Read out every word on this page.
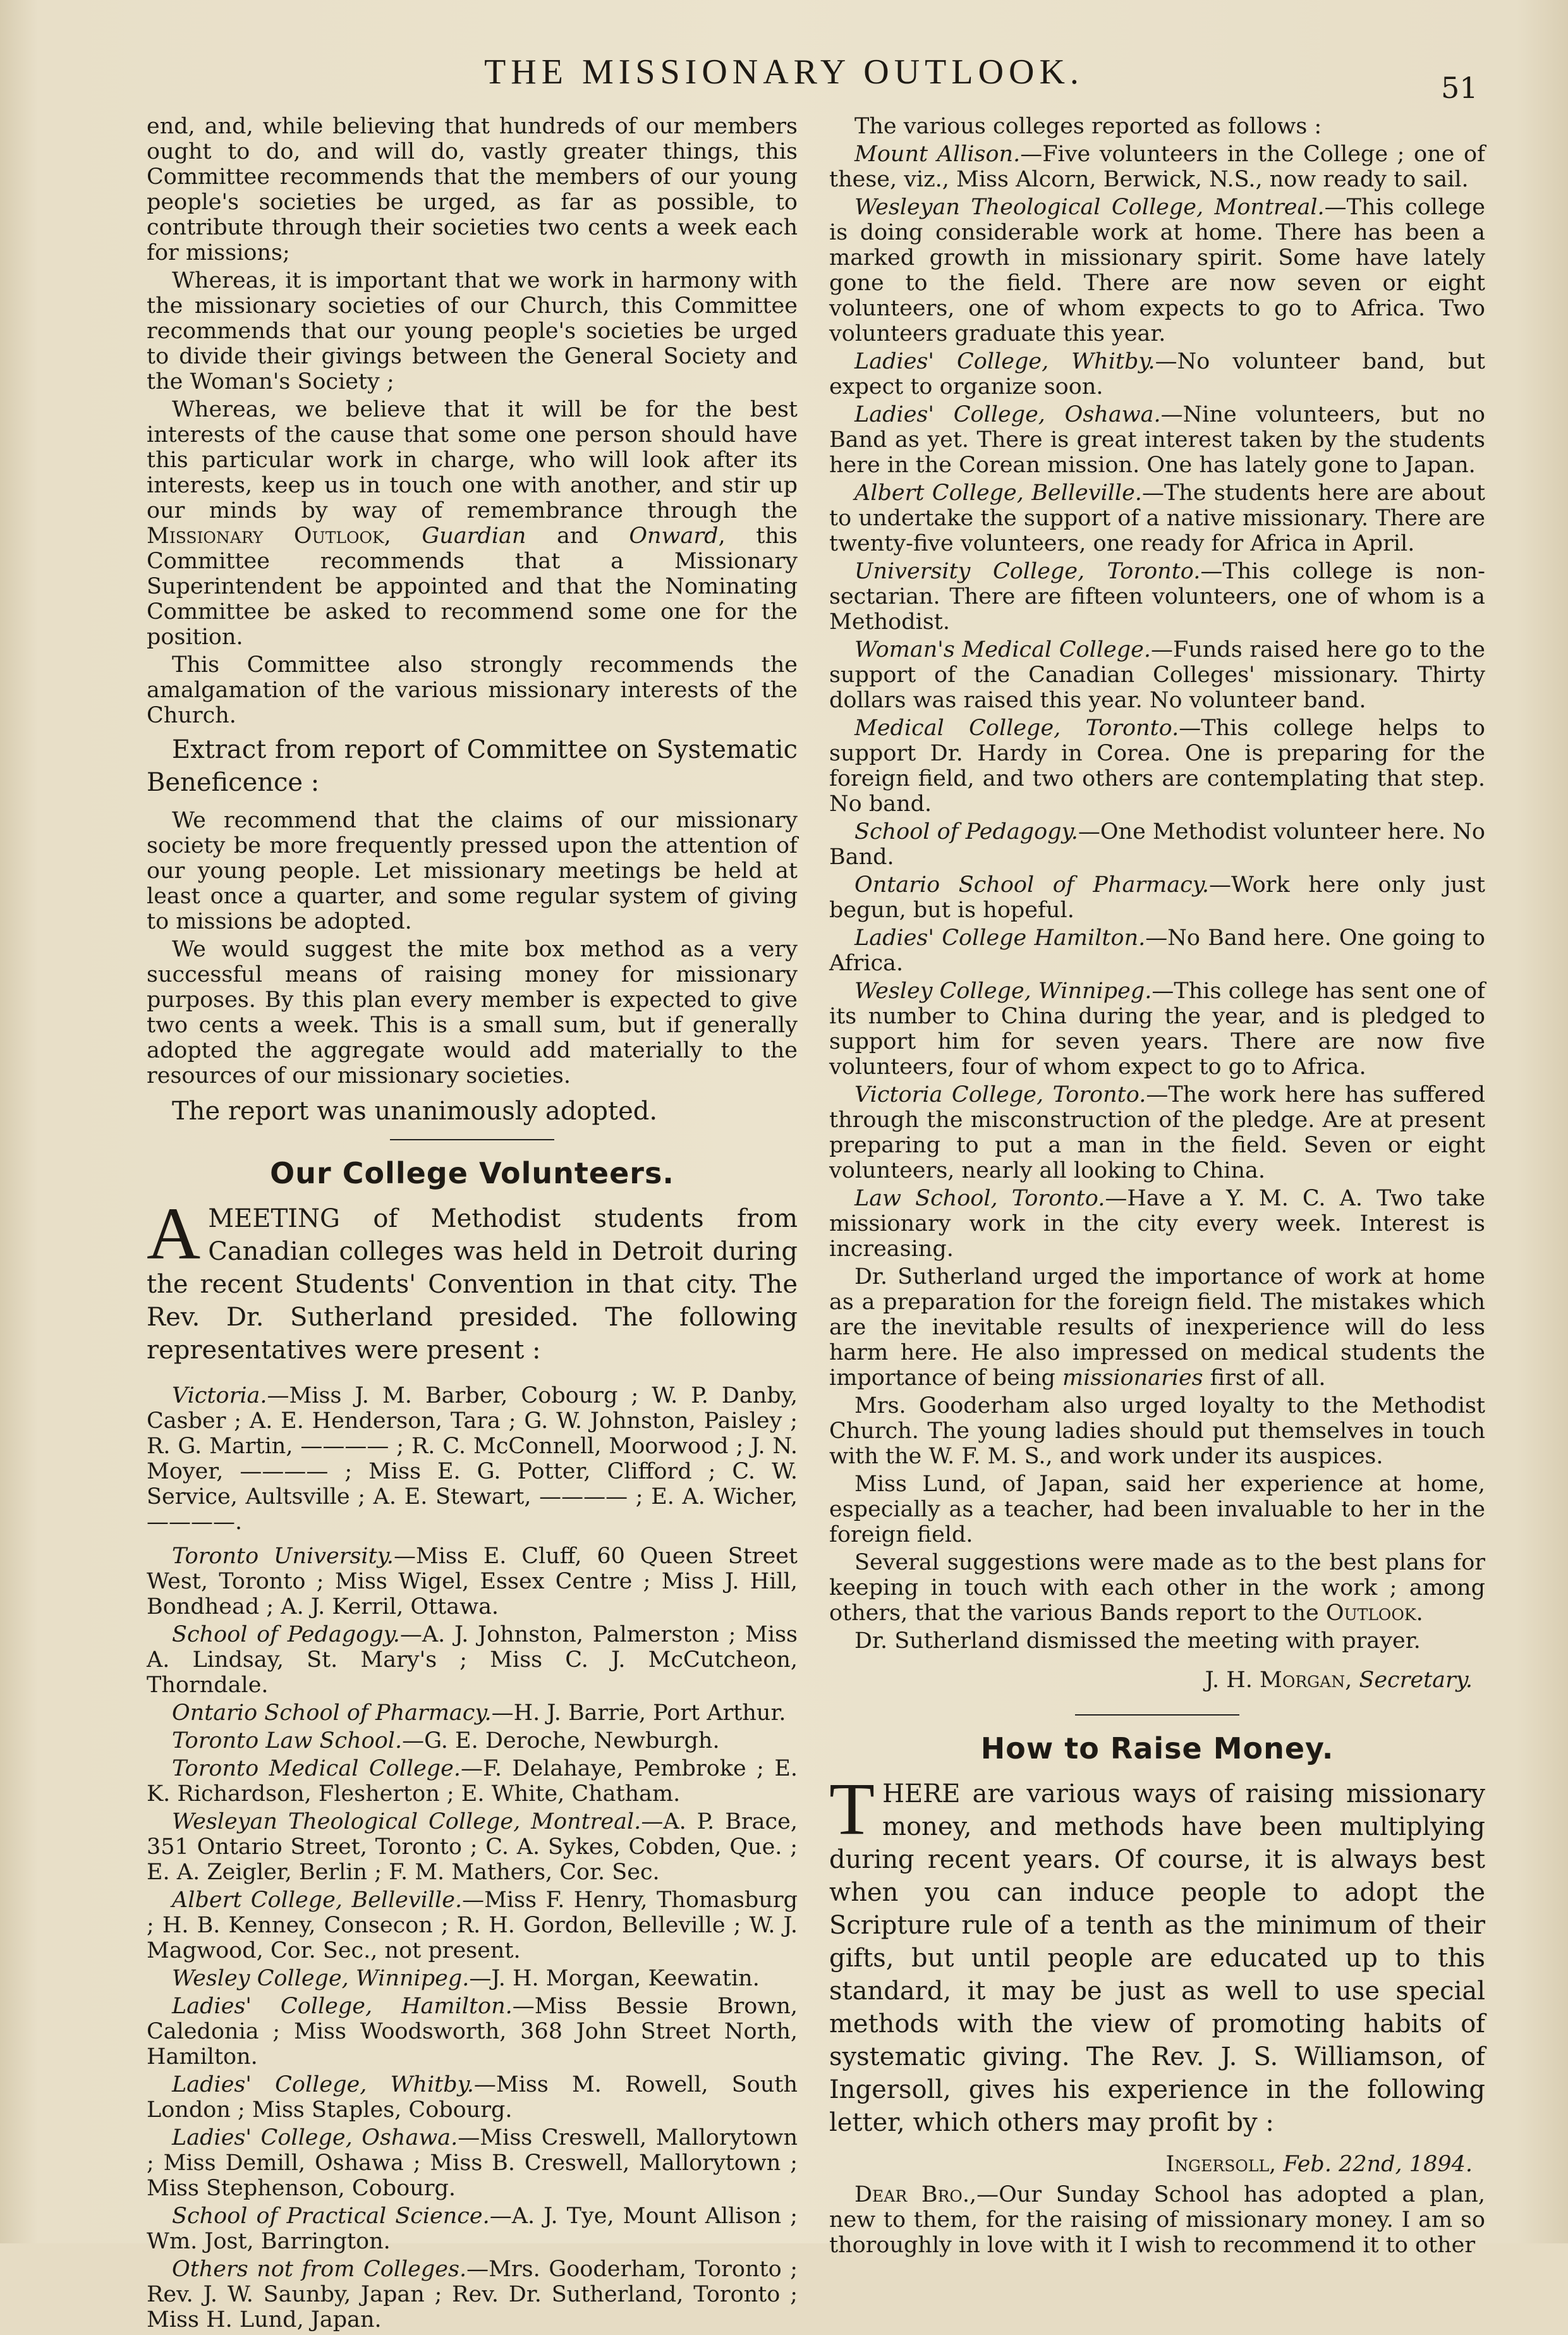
THE MISSIONARY OUTLOOK.	51

end, and, while believing that hundreds of our members ought to do, and will do, vastly greater things, this Committee recommends that the members of our young people's societies be urged, as far as possible, to contribute through their societies two cents a week each for missions;

Whereas, it is important that we work in harmony with the missionary societies of our Church, this Committee recommends that our young people's societies be urged to divide their givings between the General Society and the Woman's Society ;

Whereas, we believe that it will be for the best interests of the cause that some one person should have this particular work in charge, who will look after its interests, keep us in touch one with another, and stir up our minds by way of remembrance through the Missionary Outlook, Guardian and Onward, this Committee recommends that a Missionary Superintendent be appointed and that the Nominating Committee be asked to recommend some one for the position.

This Committee also strongly recommends the amalgamation of the various missionary interests of the Church.

Extract from report of Committee on Systematic Beneficence :

We recommend that the claims of our missionary society be more frequently pressed upon the attention of our young people. Let missionary meetings be held at least once a quarter, and some regular system of giving to missions be adopted.

We would suggest the mite box method as a very successful means of raising money for missionary purposes. By this plan every member is expected to give two cents a week. This is a small sum, but if generally adopted the aggregate would add materially to the resources of our missionary societies.

The report was unanimously adopted.

Our College Volunteers.

AMEETING of Methodist students from Canadian colleges was held in Detroit during the recent Students' Convention in that city. The Rev. Dr. Sutherland presided. The following representatives were present :

Victoria.—Miss J. M. Barber, Cobourg ; W. P. Danby, Casber ; A. E. Henderson, Tara ; G. W. Johnston, Paisley ; R. G. Martin, ———— ; R. C. McConnell, Moorwood ; J. N. Moyer, ———— ; Miss E. G. Potter, Clifford ; C. W. Service, Aultsville ; A. E. Stewart, ———— ; E. A. Wicher, ————.

Toronto University.—Miss E. Cluff, 60 Queen Street West, Toronto ; Miss Wigel, Essex Centre ; Miss J. Hill, Bondhead ; A. J. Kerril, Ottawa.

School of Pedagogy.—A. J. Johnston, Palmerston ; Miss A. Lindsay, St. Mary's ; Miss C. J. McCutcheon, Thorndale.

Ontario School of Pharmacy.—H. J. Barrie, Port Arthur.

Toronto Law School.—G. E. Deroche, Newburgh.

Toronto Medical College.—F. Delahaye, Pembroke ; E. K. Richardson, Flesherton ; E. White, Chatham.

Wesleyan Theological College, Montreal.—A. P. Brace, 351 Ontario Street, Toronto ; C. A. Sykes, Cobden, Que. ; E. A. Zeigler, Berlin ; F. M. Mathers, Cor. Sec.

Albert College, Belleville.—Miss F. Henry, Thomasburg ; H. B. Kenney, Consecon ; R. H. Gordon, Belleville ; W. J. Magwood, Cor. Sec., not present.

Wesley College, Winnipeg.—J. H. Morgan, Keewatin.

Ladies' College, Hamilton.—Miss Bessie Brown, Caledonia ; Miss Woodsworth, 368 John Street North, Hamilton.

Ladies' College, Whitby.—Miss M. Rowell, South London ; Miss Staples, Cobourg.

Ladies' College, Oshawa.—Miss Creswell, Mallorytown ; Miss Demill, Oshawa ; Miss B. Creswell, Mallorytown ; Miss Stephenson, Cobourg.

School of Practical Science.—A. J. Tye, Mount Allison ; Wm. Jost, Barrington.

Others not from Colleges.—Mrs. Gooderham, Toronto ; Rev. J. W. Saunby, Japan ; Rev. Dr. Sutherland, Toronto ; Miss H. Lund, Japan.

The various colleges reported as follows :

Mount Allison.—Five volunteers in the College ; one of these, viz., Miss Alcorn, Berwick, N.S., now ready to sail.

Wesleyan Theological College, Montreal.—This college is doing considerable work at home. There has been a marked growth in missionary spirit. Some have lately gone to the field. There are now seven or eight volunteers, one of whom expects to go to Africa. Two volunteers graduate this year.

Ladies' College, Whitby.—No volunteer band, but expect to organize soon.

Ladies' College, Oshawa.—Nine volunteers, but no Band as yet. There is great interest taken by the students here in the Corean mission. One has lately gone to Japan.

Albert College, Belleville.—The students here are about to undertake the support of a native missionary. There are twenty-five volunteers, one ready for Africa in April.

University College, Toronto.—This college is non-sectarian. There are fifteen volunteers, one of whom is a Methodist.

Woman's Medical College.—Funds raised here go to the support of the Canadian Colleges' missionary. Thirty dollars was raised this year. No volunteer band.

Medical College, Toronto.—This college helps to support Dr. Hardy in Corea. One is preparing for the foreign field, and two others are contemplating that step. No band.

School of Pedagogy.—One Methodist volunteer here. No Band.

Ontario School of Pharmacy.—Work here only just begun, but is hopeful.

Ladies' College Hamilton.—No Band here. One going to Africa.

Wesley College, Winnipeg.—This college has sent one of its number to China during the year, and is pledged to support him for seven years. There are now five volunteers, four of whom expect to go to Africa.

Victoria College, Toronto.—The work here has suffered through the misconstruction of the pledge. Are at present preparing to put a man in the field. Seven or eight volunteers, nearly all looking to China.

Law School, Toronto.—Have a Y. M. C. A. Two take missionary work in the city every week. Interest is increasing.

Dr. Sutherland urged the importance of work at home as a preparation for the foreign field. The mistakes which are the inevitable results of inexperience will do less harm here. He also impressed on medical students the importance of being missionaries first of all.

Mrs. Gooderham also urged loyalty to the Methodist Church. The young ladies should put themselves in touch with the W. F. M. S., and work under its auspices.

Miss Lund, of Japan, said her experience at home, especially as a teacher, had been invaluable to her in the foreign field.

Several suggestions were made as to the best plans for keeping in touch with each other in the work ; among others, that the various Bands report to the Outlook.

Dr. Sutherland dismissed the meeting with prayer.

J. H. Morgan, Secretary.

How to Raise Money.

THERE are various ways of raising missionary money, and methods have been multiplying during recent years. Of course, it is always best when you can induce people to adopt the Scripture rule of a tenth as the minimum of their gifts, but until people are educated up to this standard, it may be just as well to use special methods with the view of promoting habits of systematic giving. The Rev. J. S. Williamson, of Ingersoll, gives his experience in the following letter, which others may profit by :

Ingersoll, Feb. 22nd, 1894.

Dear Bro.,—Our Sunday School has adopted a plan, new to them, for the raising of missionary money. I am so thoroughly in love with it I wish to recommend it to other
